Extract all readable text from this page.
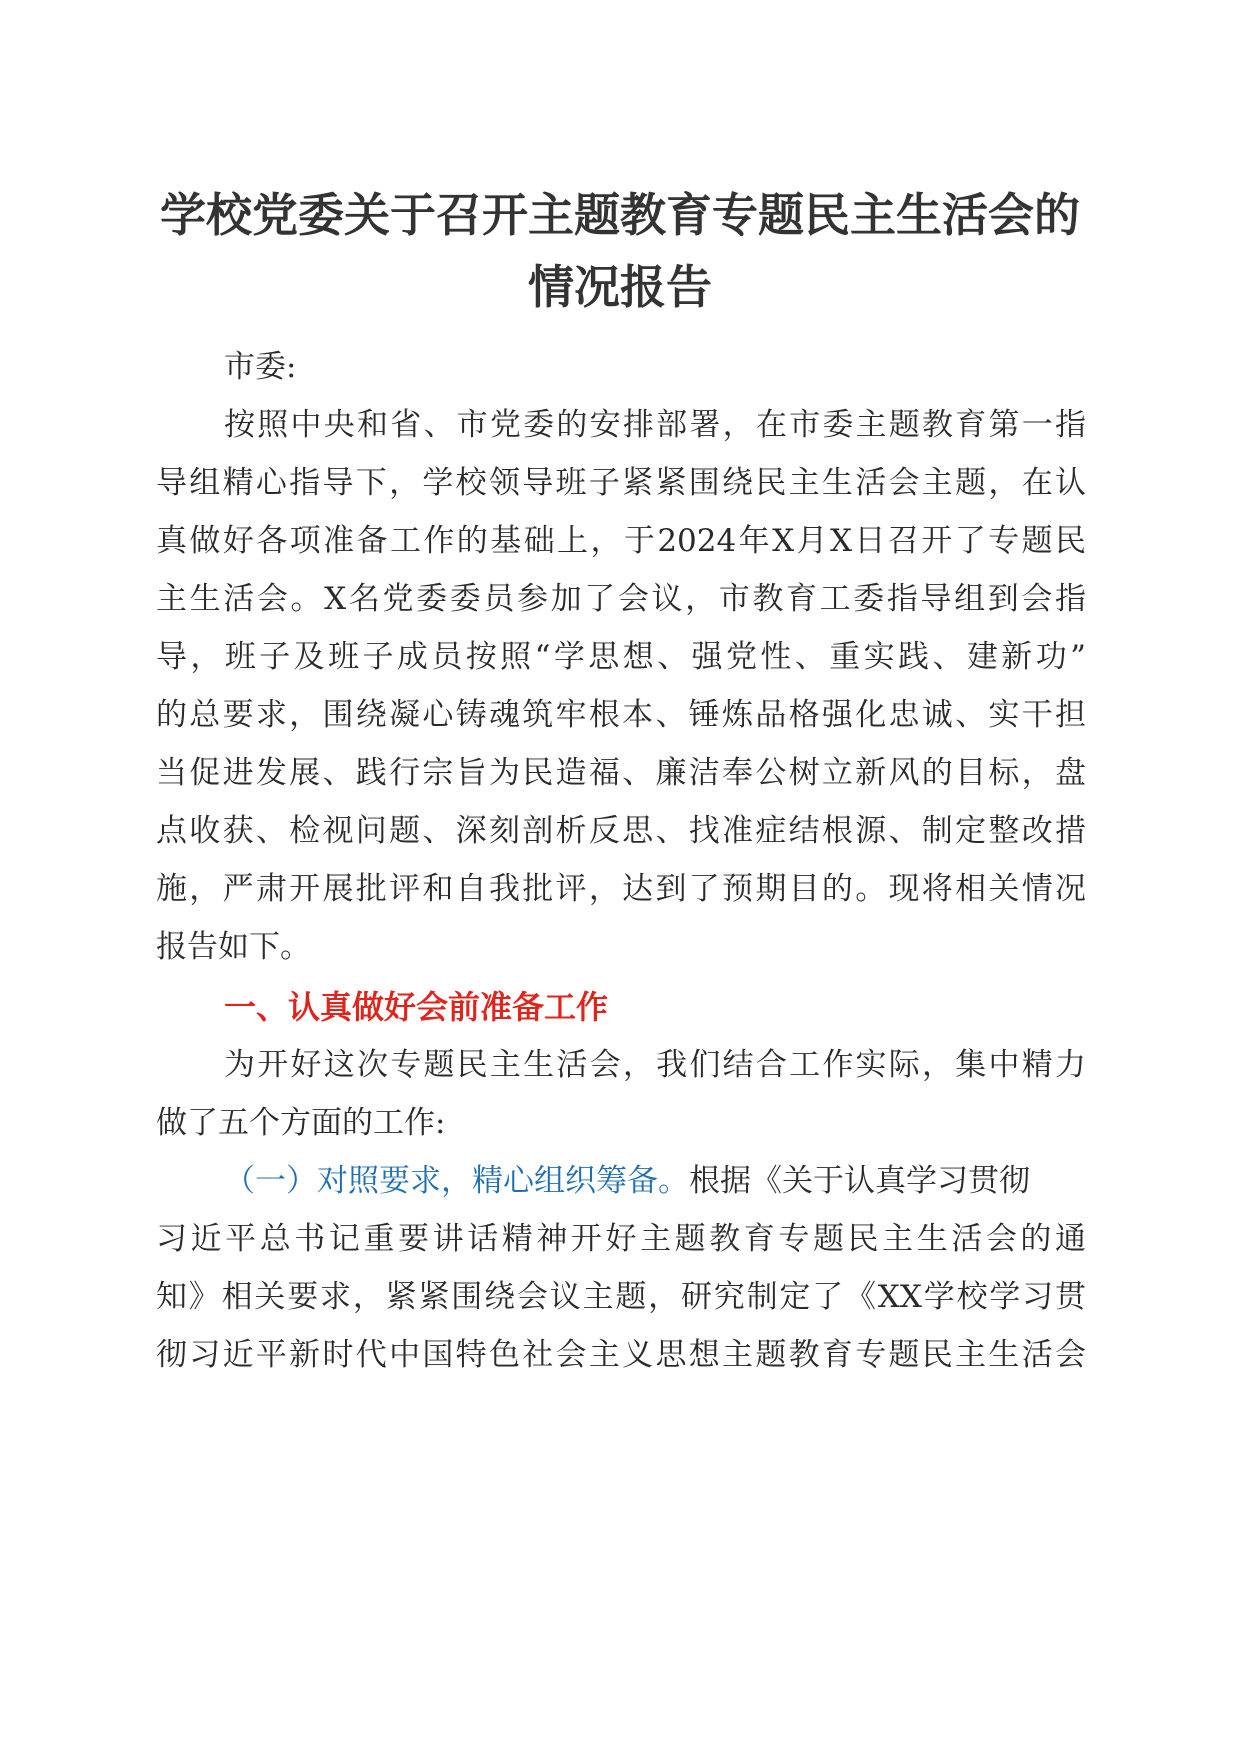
学校党委关于召开主题教育专题民主生活会的
情况报告
市委:
按照中央和省、市党委的安排部署，在市委主题教育第一指
导组精心指导下，学校领导班子紧紧围绕民主生活会主题，在认
真做好各项准备工作的基础上，于2024年X月X日召开了专题民
主生活会。X名党委委员参加了会议，市教育工委指导组到会指
导，班子及班子成员按照“学思想、强党性、重实践、建新功”
的总要求，围绕凝心铸魂筑牢根本、锤炼品格强化忠诚、实干担
当促进发展、践行宗旨为民造福、廉洁奉公树立新风的目标，盘
点收获、检视问题、深刻剖析反思、找准症结根源、制定整改措
施，严肃开展批评和自我批评，达到了预期目的。现将相关情况
报告如下。
一、认真做好会前准备工作
为开好这次专题民主生活会，我们结合工作实际，集中精力
做了五个方面的工作:
（一）对照要求，精心组织筹备。根据《关于认真学习贯彻
习近平总书记重要讲话精神开好主题教育专题民主生活会的通
知》相关要求，紧紧围绕会议主题，研究制定了《XX学校学习贯
彻习近平新时代中国特色社会主义思想主题教育专题民主生活会
